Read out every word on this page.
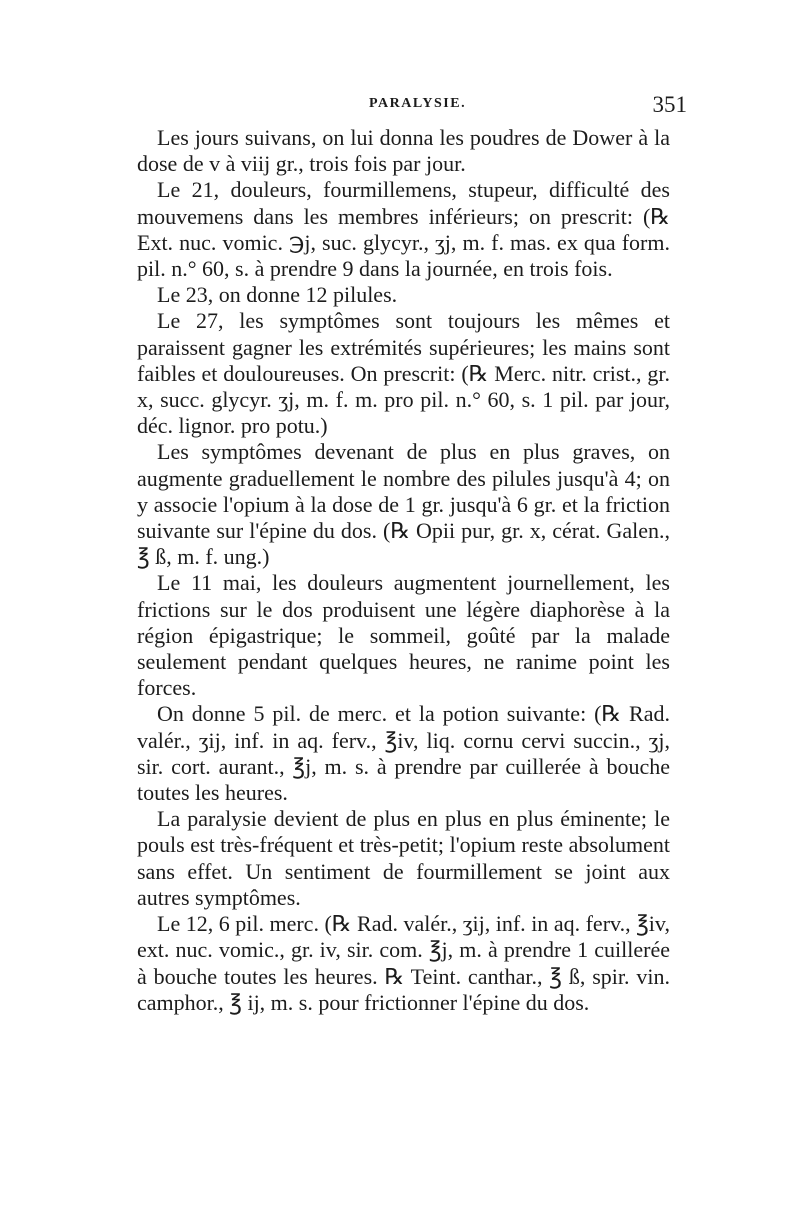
PARALYSIE.	351

Les jours suivans, on lui donna les poudres de Dower à la dose de v à viij gr., trois fois par jour.

Le 21, douleurs, fourmillemens, stupeur, difficulté des mouvemens dans les membres inférieurs; on prescrit: (℞ Ext. nuc. vomic. ℈j, suc. glycyr., ʒj, m. f. mas. ex qua form. pil. n.° 60, s. à prendre 9 dans la journée, en trois fois.

Le 23, on donne 12 pilules.

Le 27, les symptômes sont toujours les mêmes et paraissent gagner les extrémités supérieures; les mains sont faibles et douloureuses. On prescrit: (℞ Merc. nitr. crist., gr. x, succ. glycyr. ʒj, m. f. m. pro pil. n.° 60, s. 1 pil. par jour, déc. lignor. pro potu.)

Les symptômes devenant de plus en plus graves, on augmente graduellement le nombre des pilules jusqu'à 4; on y associe l'opium à la dose de 1 gr. jusqu'à 6 gr. et la friction suivante sur l'épine du dos. (℞ Opii pur, gr. x, cérat. Galen., ℥ ß, m. f. ung.)

Le 11 mai, les douleurs augmentent journellement, les frictions sur le dos produisent une légère diaphorèse à la région épigastrique; le sommeil, goûté par la malade seulement pendant quelques heures, ne ranime point les forces.

On donne 5 pil. de merc. et la potion suivante: (℞ Rad. valér., ʒij, inf. in aq. ferv., ℥iv, liq. cornu cervi succin., ʒj, sir. cort. aurant., ℥j, m. s. à prendre par cuillerée à bouche toutes les heures.

La paralysie devient de plus en plus en plus éminente; le pouls est très-fréquent et très-petit; l'opium reste absolument sans effet. Un sentiment de fourmillement se joint aux autres symptômes.

Le 12, 6 pil. merc. (℞ Rad. valér., ʒij, inf. in aq. ferv., ℥iv, ext. nuc. vomic., gr. iv, sir. com. ℥j, m. à prendre 1 cuillerée à bouche toutes les heures. ℞ Teint. canthar., ℥ ß, spir. vin. camphor., ℥ ij, m. s. pour frictionner l'épine du dos.
